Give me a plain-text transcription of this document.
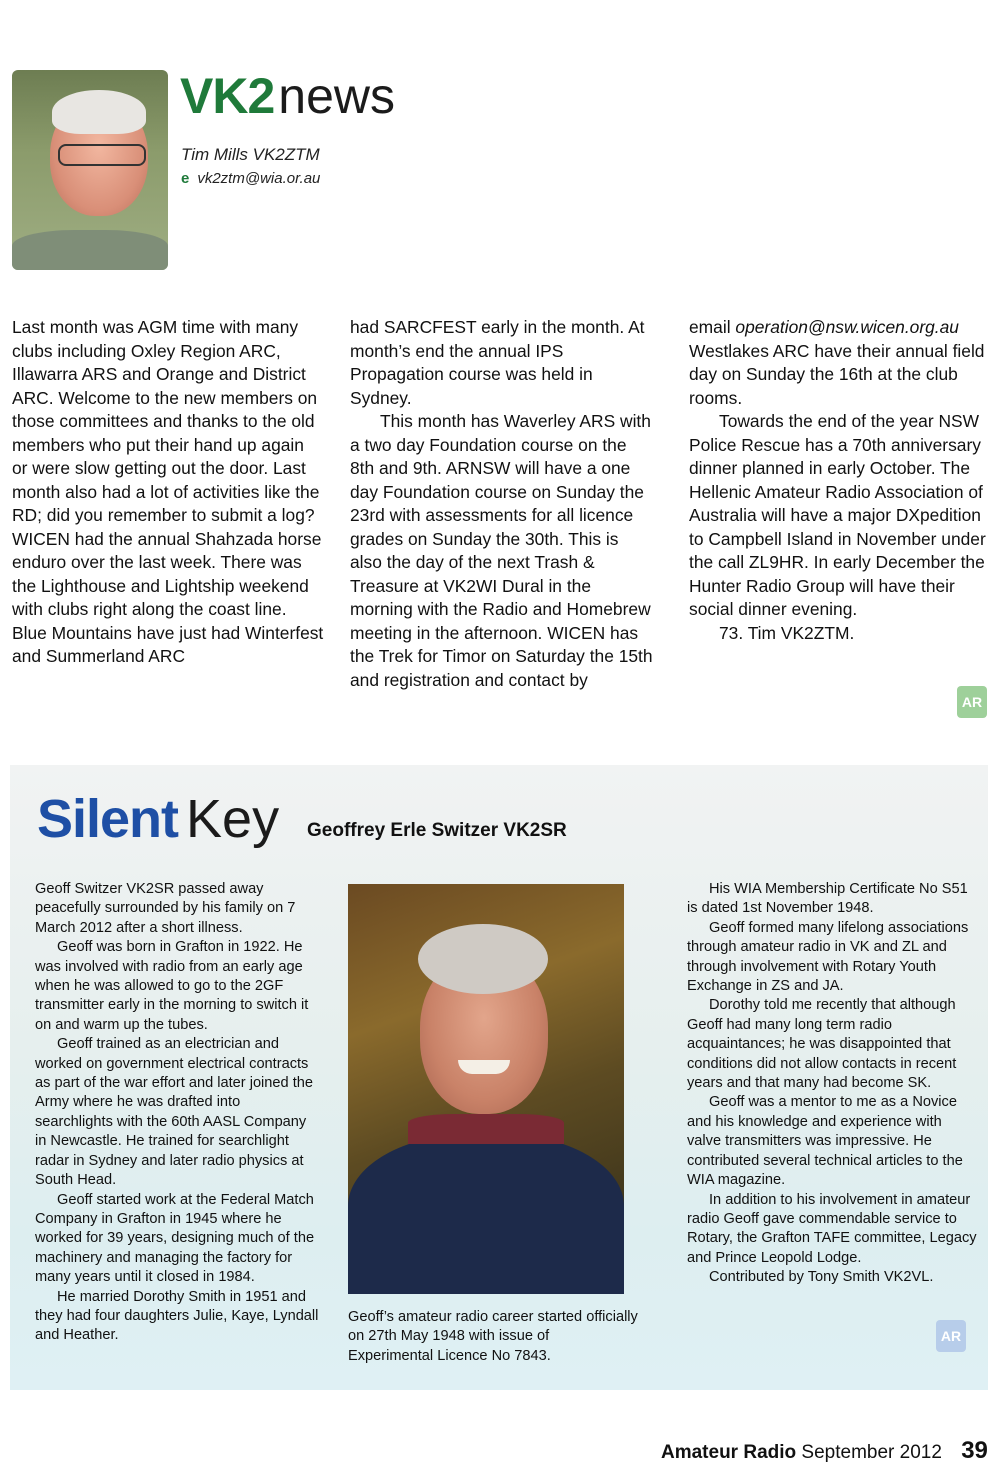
VK2news
Tim Mills VK2ZTM
e vk2ztm@wia.or.au

Last month was AGM time with many clubs including Oxley Region ARC, Illawarra ARS and Orange and District ARC. Welcome to the new members on those committees and thanks to the old members who put their hand up again or were slow getting out the door. Last month also had a lot of activities like the RD; did you remember to submit a log? WICEN had the annual Shahzada horse enduro over the last week. There was the Lighthouse and Lightship weekend with clubs right along the coast line. Blue Mountains have just had Winterfest and Summerland ARC

had SARCFEST early in the month. At month’s end the annual IPS Propagation course was held in Sydney.

This month has Waverley ARS with a two day Foundation course on the 8th and 9th. ARNSW will have a one day Foundation course on Sunday the 23rd with assessments for all licence grades on Sunday the 30th. This is also the day of the next Trash & Treasure at VK2WI Dural in the morning with the Radio and Homebrew meeting in the afternoon. WICEN has the Trek for Timor on Saturday the 15th and registration and contact by

email operation@nsw.wicen.org.au

Westlakes ARC have their annual field day on Sunday the 16th at the club rooms.

Towards the end of the year NSW Police Rescue has a 70th anniversary dinner planned in early October. The Hellenic Amateur Radio Association of Australia will have a major DXpedition to Campbell Island in November under the call ZL9HR. In early December the Hunter Radio Group will have their social dinner evening.

73. Tim VK2ZTM.

AR
Silent Key Geoffrey Erle Switzer VK2SR

Geoff Switzer VK2SR passed away peacefully surrounded by his family on 7 March 2012 after a short illness.

Geoff was born in Grafton in 1922. He was involved with radio from an early age when he was allowed to go to the 2GF transmitter early in the morning to switch it on and warm up the tubes.

Geoff trained as an electrician and worked on government electrical contracts as part of the war effort and later joined the Army where he was drafted into searchlights with the 60th AASL Company in Newcastle. He trained for searchlight radar in Sydney and later radio physics at South Head.

Geoff started work at the Federal Match Company in Grafton in 1945 where he worked for 39 years, designing much of the machinery and managing the factory for many years until it closed in 1984.

He married Dorothy Smith in 1951 and they had four daughters Julie, Kaye, Lyndall and Heather.

Geoff’s amateur radio career started officially on 27th May 1948 with issue of Experimental Licence No 7843.

His WIA Membership Certificate No S51 is dated 1st November 1948.

Geoff formed many lifelong associations through amateur radio in VK and ZL and through involvement with Rotary Youth Exchange in ZS and JA.

Dorothy told me recently that although Geoff had many long term radio acquaintances; he was disappointed that conditions did not allow contacts in recent years and that many had become SK.

Geoff was a mentor to me as a Novice and his knowledge and experience with valve transmitters was impressive. He contributed several technical articles to the WIA magazine.

In addition to his involvement in amateur radio Geoff gave commendable service to Rotary, the Grafton TAFE committee, Legacy and Prince Leopold Lodge.

Contributed by Tony Smith VK2VL.

AR
Amateur Radio September 2012 39
